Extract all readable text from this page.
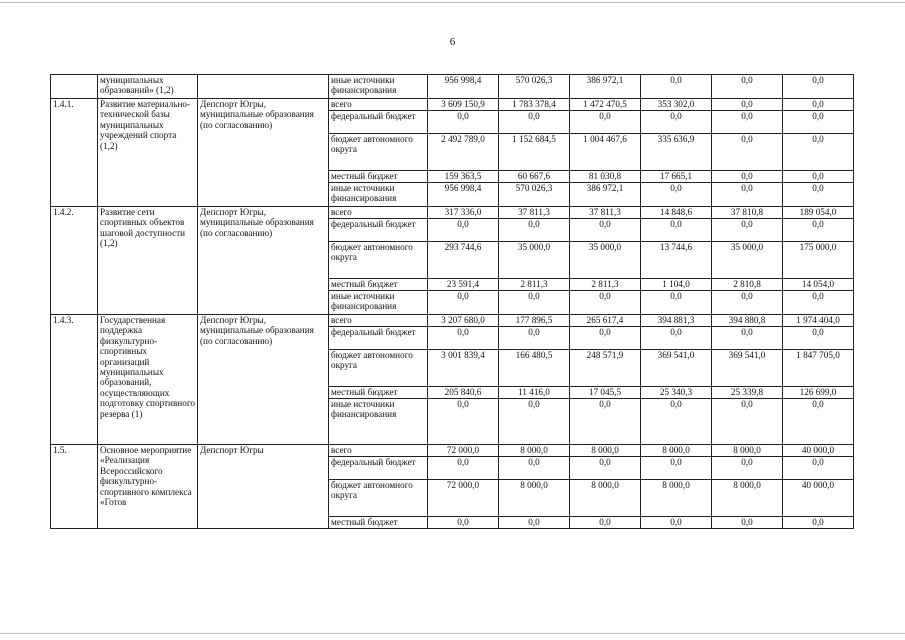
6
	муниципальных образований» (1,2)		иные источники финансирования	956 998,4	570 026,3	386 972,1	0,0	0,0	0,0
1.4.1.	Развитие материально-технической базы муниципальных учреждений спорта (1,2)	Депспорт Югры, муниципальные образования (по согласованию)	всего	3 609 150,9	1 783 378,4	1 472 470,5	353 302,0	0,0	0,0
			федеральный бюджет	0,0	0,0	0,0	0,0	0,0	0,0
			бюджет автономного округа	2 492 789,0	1 152 684,5	1 004 467,6	335 636,9	0,0	0,0
			местный бюджет	159 363,5	60 667,6	81 030,8	17 665,1	0,0	0,0
			иные источники финансирования	956 998,4	570 026,3	386 972,1	0,0	0,0	0,0
1.4.2.	Развитие сети спортивных объектов шаговой доступности (1,2)	Депспорт Югры, муниципальные образования (по согласованию)	всего	317 336,0	37 811,3	37 811,3	14 848,6	37 810,8	189 054,0
			федеральный бюджет	0,0	0,0	0,0	0,0	0,0	0,0
			бюджет автономного округа	293 744,6	35 000,0	35 000,0	13 744,6	35 000,0	175 000,0
			местный бюджет	23 591,4	2 811,3	2 811,3	1 104,0	2 810,8	14 054,0
			иные источники финансирования	0,0	0,0	0,0	0,0	0,0	0,0
1.4.3.	Государственная поддержка физкультурно-спортивных организаций муниципальных образований, осуществляющих подготовку спортивного резерва (1)	Депспорт Югры, муниципальные образования (по согласованию)	всего	3 207 680,0	177 896,5	265 617,4	394 881,3	394 880,8	1 974 404,0
			федеральный бюджет	0,0	0,0	0,0	0,0	0,0	0,0
			бюджет автономного округа	3 001 839,4	166 480,5	248 571,9	369 541,0	369 541,0	1 847 705,0
			местный бюджет	205 840,6	11 416,0	17 045,5	25 340,3	25 339,8	126 699,0
			иные источники финансирования	0,0	0,0	0,0	0,0	0,0	0,0
1.5.	Основное мероприятие «Реализация Всероссийского физкультурно-спортивного комплекса «Готов	Депспорт Югры	всего	72 000,0	8 000,0	8 000,0	8 000,0	8 000,0	40 000,0
			федеральный бюджет	0,0	0,0	0,0	0,0	0,0	0,0
			бюджет автономного округа	72 000,0	8 000,0	8 000,0	8 000,0	8 000,0	40 000,0
			местный бюджет	0,0	0,0	0,0	0,0	0,0	0,0
